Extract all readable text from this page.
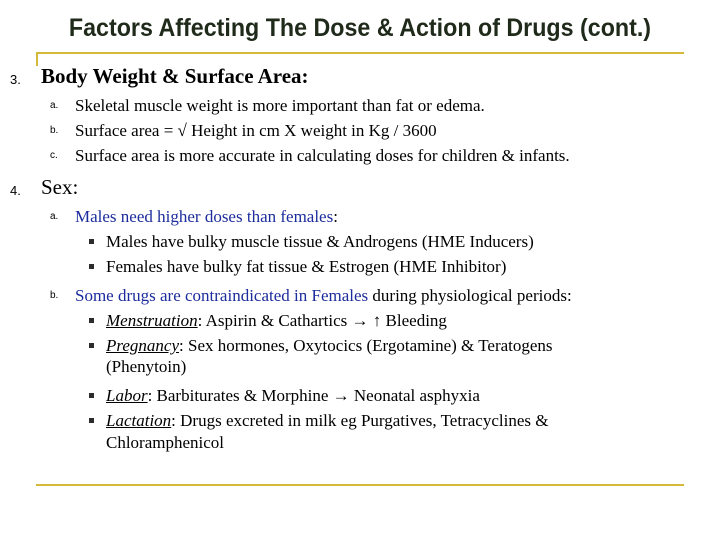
Factors Affecting The Dose & Action of Drugs (cont.)
3. Body Weight & Surface Area:
a. Skeletal muscle weight is more important than fat or edema.
b. Surface area = √ Height in cm X weight in Kg / 3600
c. Surface area is more accurate in calculating doses for children & infants.
4. Sex:
a. Males need higher doses than females:
Males have bulky muscle tissue & Androgens (HME Inducers)
Females have bulky fat tissue & Estrogen (HME Inhibitor)
b. Some drugs are contraindicated in Females during physiological periods:
Menstruation: Aspirin & Cathartics → ↑ Bleeding
Pregnancy: Sex hormones, Oxytocics (Ergotamine) & Teratogens
(Phenytoin)
Labor: Barbiturates & Morphine → Neonatal asphyxia
Lactation: Drugs excreted in milk eg Purgatives, Tetracyclines &
Chloramphenicol
